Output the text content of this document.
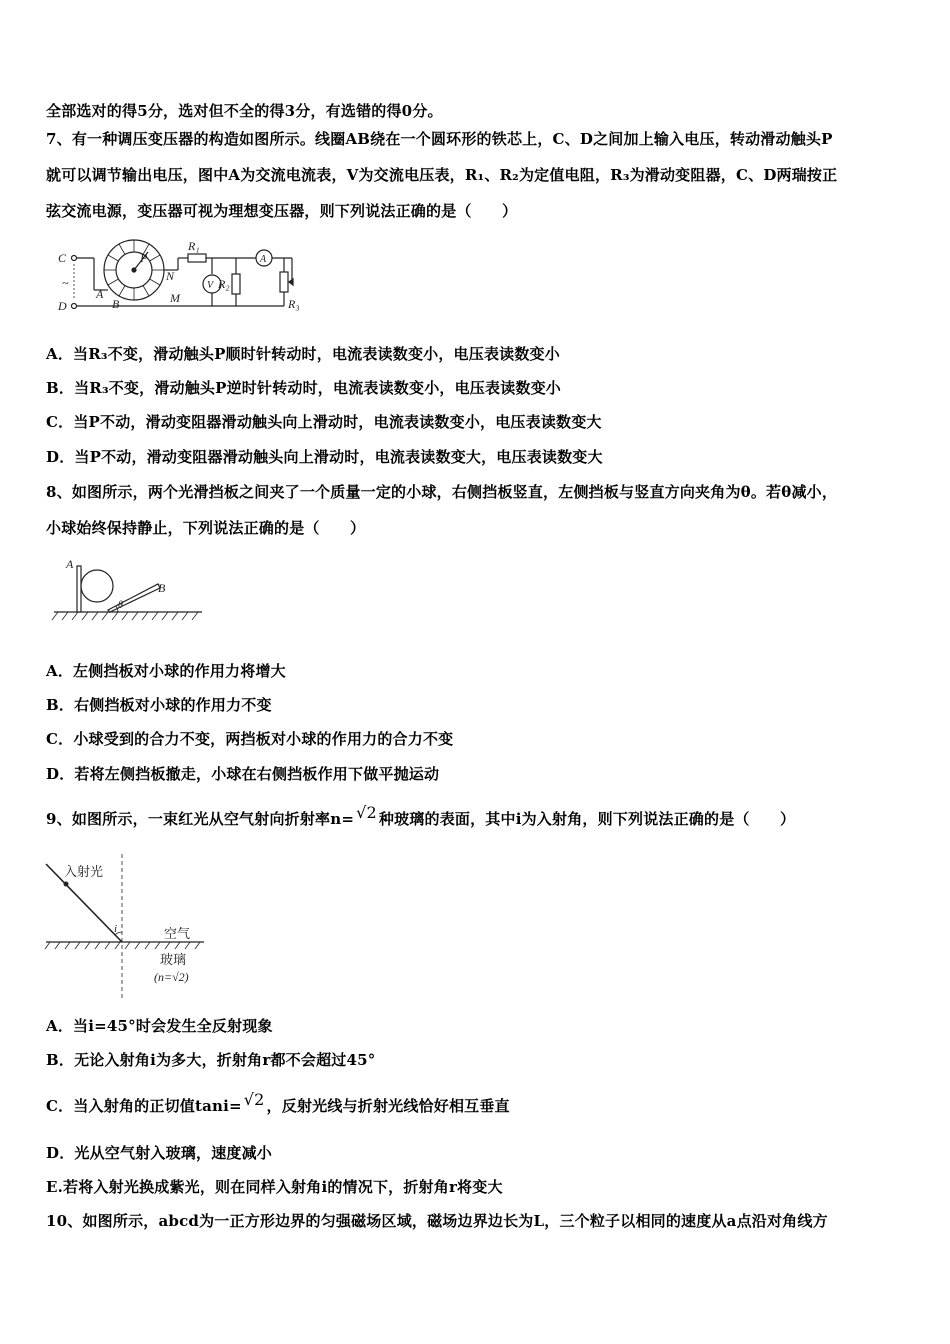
全部选对的得5分，选对但不全的得3分，有选错的得0分。
7、有一种调压变压器的构造如图所示。线圈AB绕在一个圆环形的铁芯上，C、D之间加上输入电压，转动滑动触头P
就可以调节输出电压，图中A为交流电流表，V为交流电压表，R₁、R₂为定值电阻，R₃为滑动变阻器，C、D两瑞按正
弦交流电源，变压器可视为理想变压器，则下列说法正确的是（　　）
C
D
~
A
B
P
N
M
R₁
V R₂
A
R₃
A．当R₃不变，滑动触头P顺时针转动时，电流表读数变小，电压表读数变小
B．当R₃不变，滑动触头P逆时针转动时，电流表读数变小，电压表读数变小
C．当P不动，滑动变阻器滑动触头向上滑动时，电流表读数变小，电压表读数变大
D．当P不动，滑动变阻器滑动触头向上滑动时，电流表读数变大，电压表读数变大
8、如图所示，两个光滑挡板之间夹了一个质量一定的小球，右侧挡板竖直，左侧挡板与竖直方向夹角为θ。若θ减小，
小球始终保持静止，下列说法正确的是（　　）
A
B
θ
A．左侧挡板对小球的作用力将增大
B．右侧挡板对小球的作用力不变
C．小球受到的合力不变，两挡板对小球的作用力的合力不变
D．若将左侧挡板撤走，小球在右侧挡板作用下做平抛运动
9、如图所示，一束红光从空气射向折射率n= √2 种玻璃的表面，其中i为入射角，则下列说法正确的是（　　）
入射光
i	空气
玻璃
(n=√2)
A．当i=45°时会发生全反射现象
B．无论入射角i为多大，折射角r都不会超过45°
C．当入射角的正切值tani= √2 ，反射光线与折射光线恰好相互垂直
D．光从空气射入玻璃，速度减小
E.若将入射光换成紫光，则在同样入射角i的情况下，折射角r将变大
10、如图所示，abcd为一正方形边界的匀强磁场区域，磁场边界边长为L，三个粒子以相同的速度从a点沿对角线方
